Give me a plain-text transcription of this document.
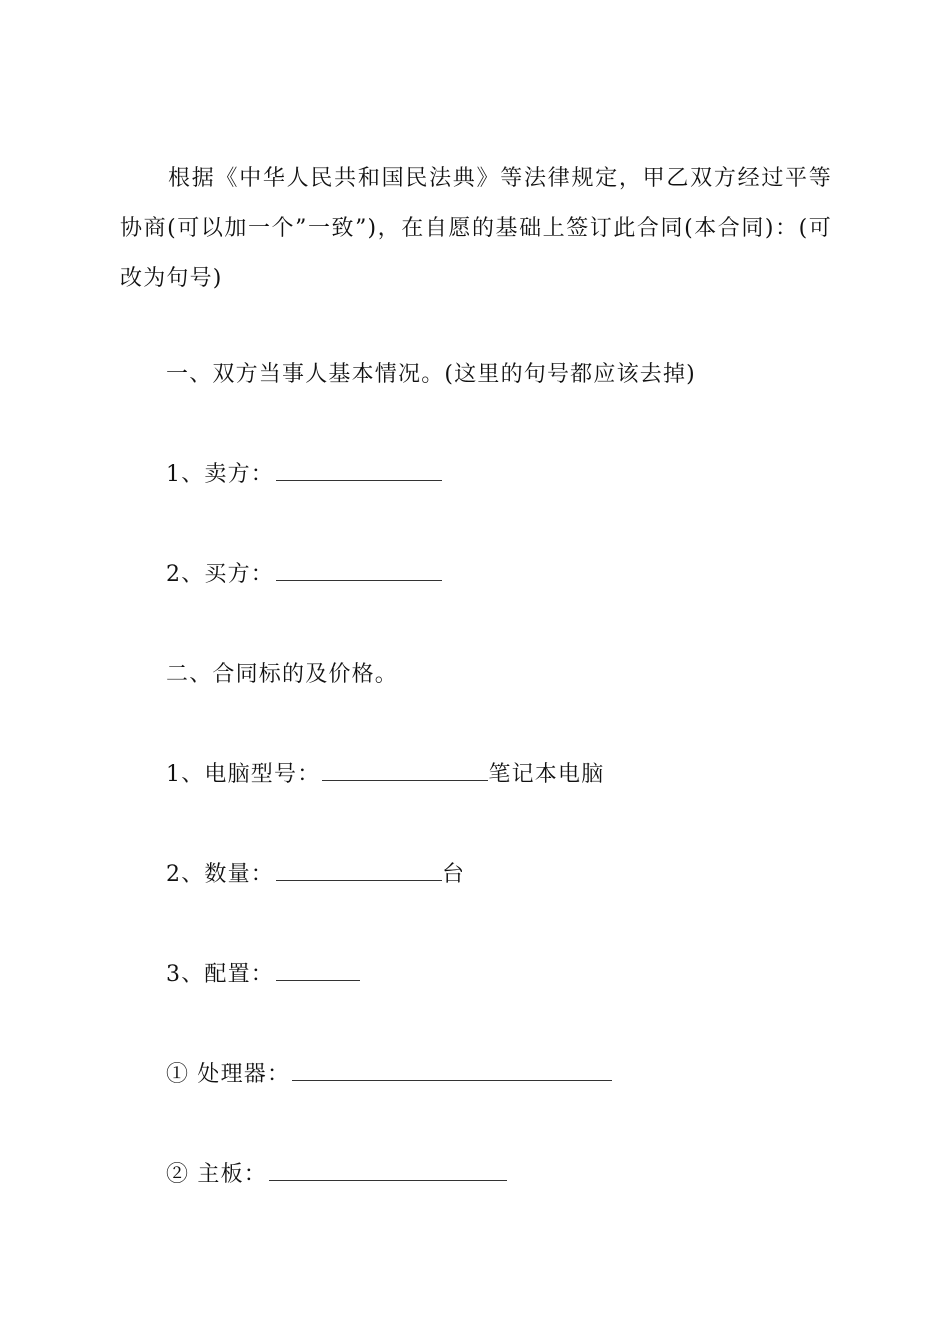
根据《中华人民共和国民法典》等法律规定，甲乙双方经过平等协商(可以加一个”一致”)，在自愿的基础上签订此合同(本合同)：(可改为句号)

一、双方当事人基本情况。(这里的句号都应该去掉)

1、卖方：

2、买方：

二、合同标的及价格。

1、电脑型号：	笔记本电脑

2、数量：	台

3、配置：

① 处理器：

② 主板：
